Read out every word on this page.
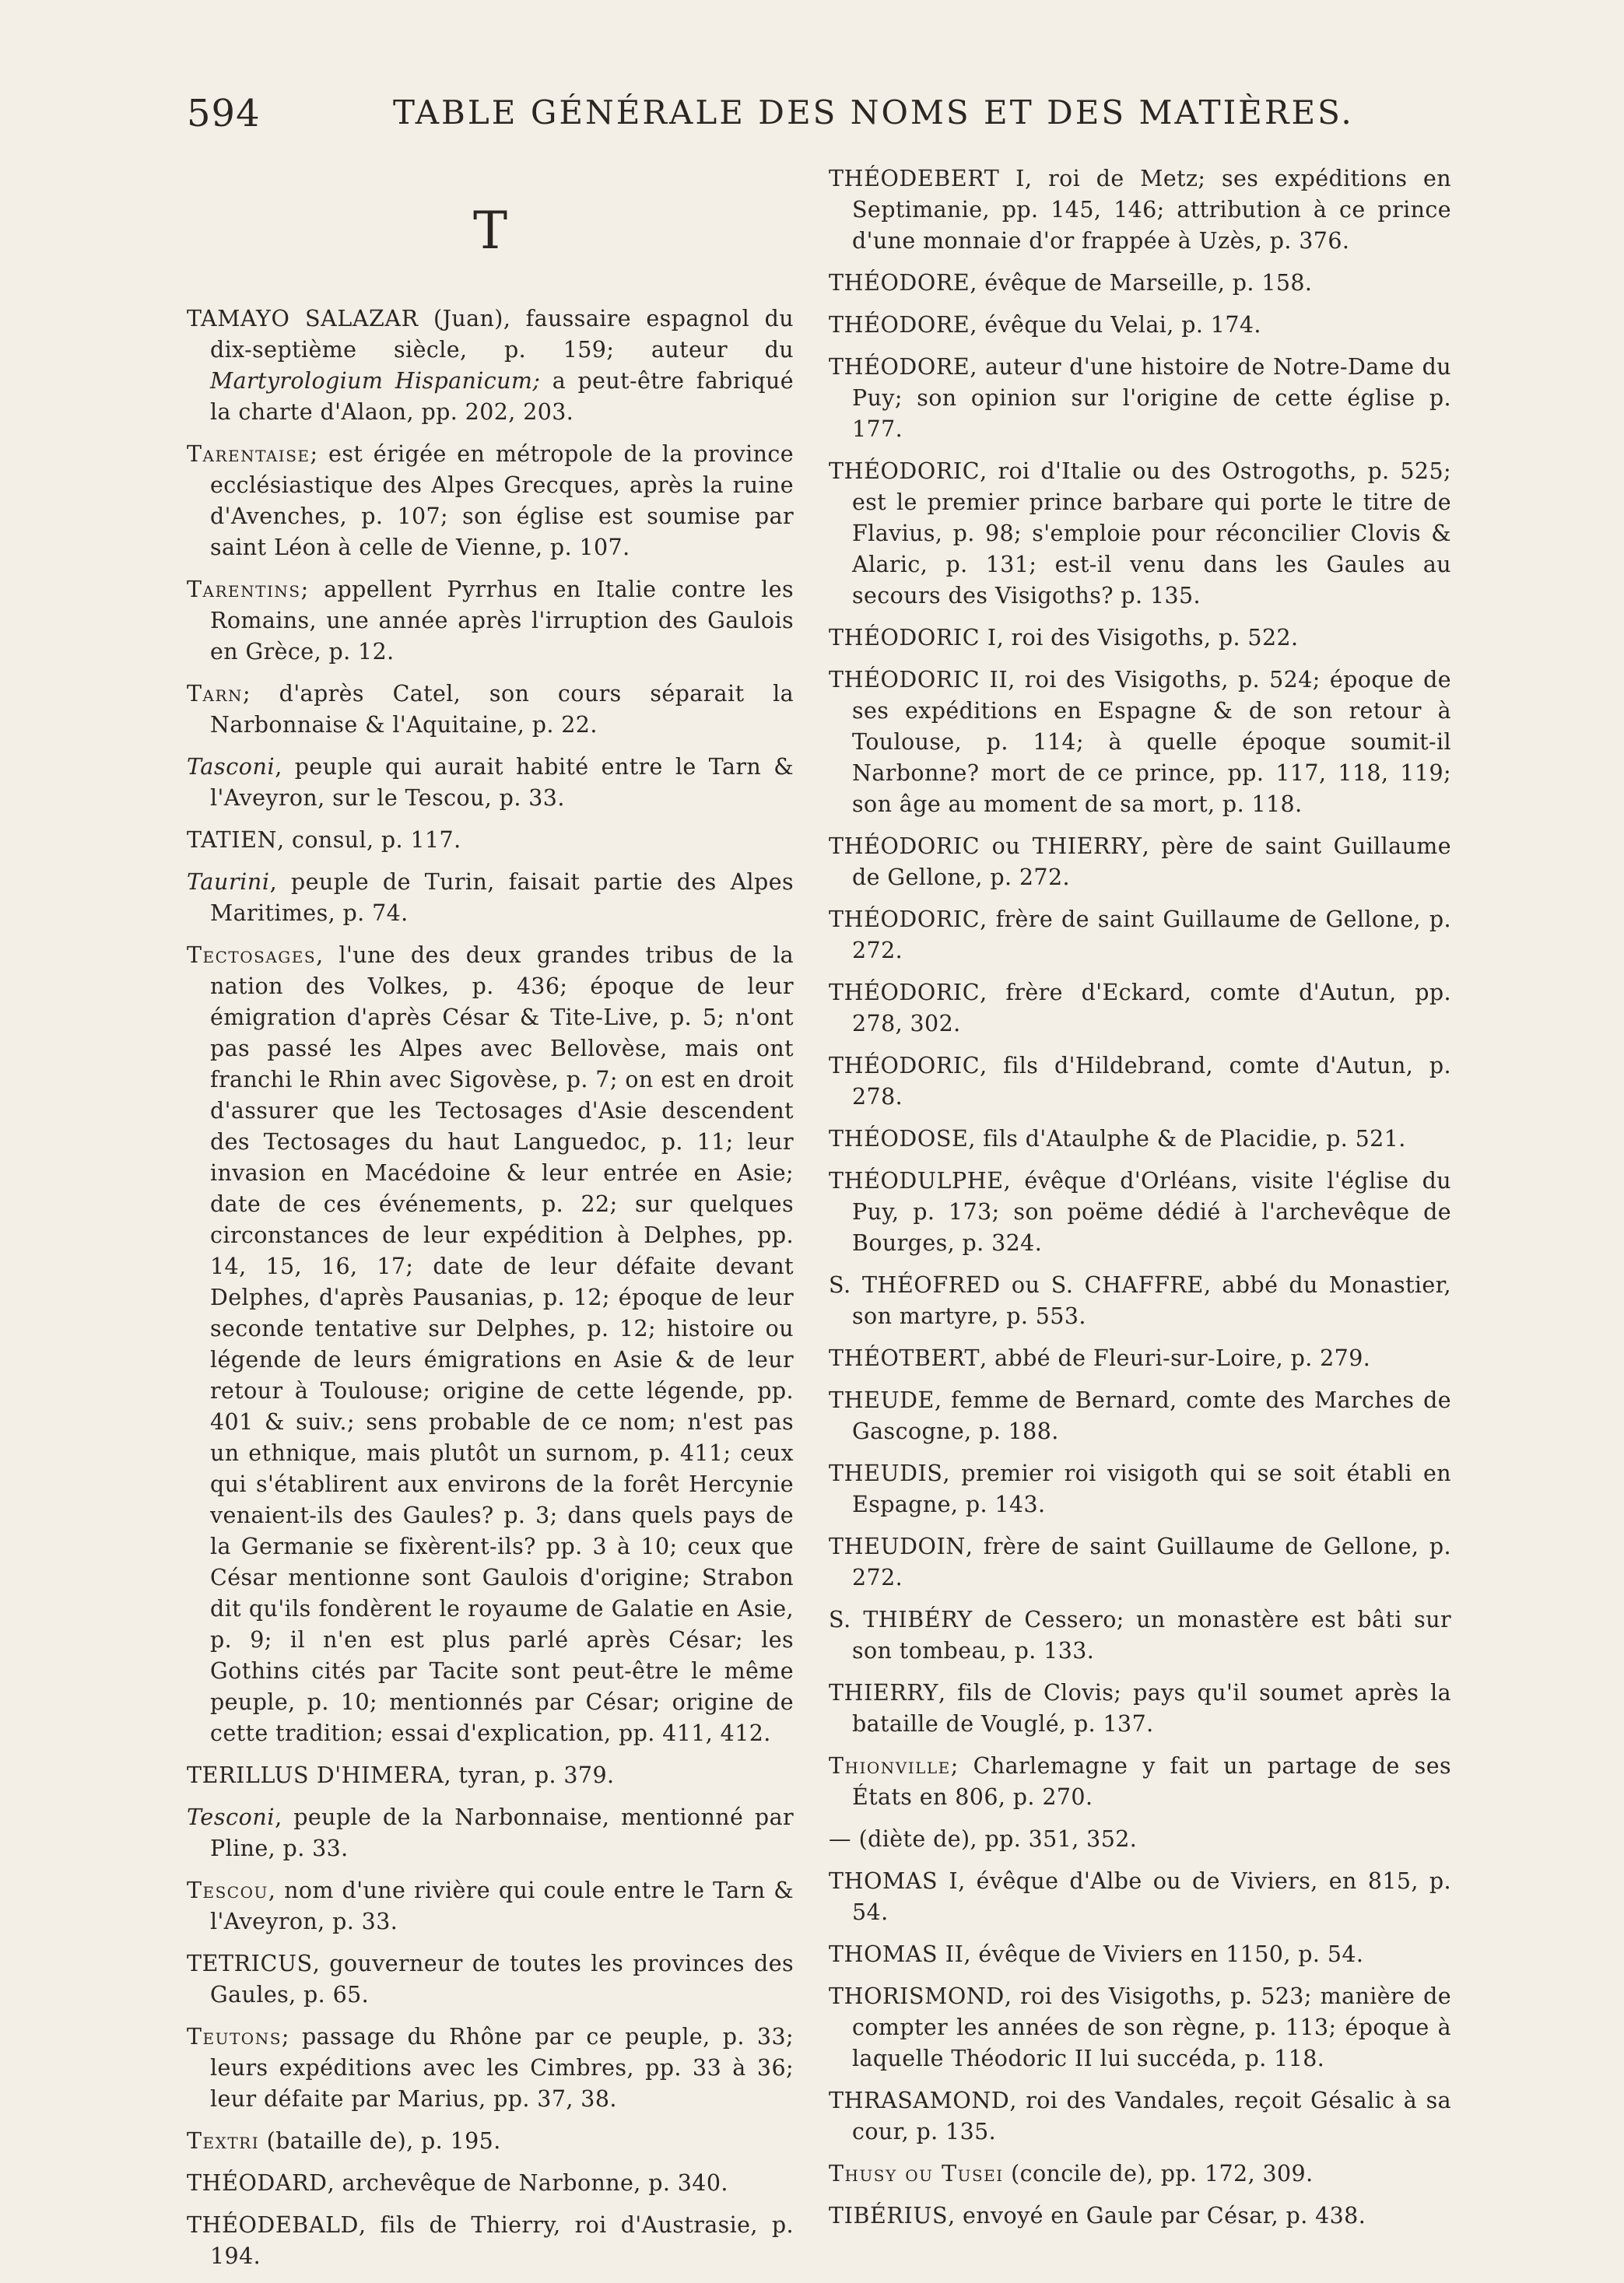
594	TABLE GÉNÉRALE DES NOMS ET DES MATIÈRES.
T

TAMAYO SALAZAR (Juan), faussaire espagnol du dix-septième siècle, p. 159; auteur du Martyrologium Hispanicum; a peut-être fabriqué la charte d'Alaon, pp. 202, 203.

Tarentaise; est érigée en métropole de la province ecclésiastique des Alpes Grecques, après la ruine d'Avenches, p. 107; son église est soumise par saint Léon à celle de Vienne, p. 107.

Tarentins; appellent Pyrrhus en Italie contre les Romains, une année après l'irruption des Gaulois en Grèce, p. 12.

Tarn; d'après Catel, son cours séparait la Narbonnaise & l'Aquitaine, p. 22.

Tasconi, peuple qui aurait habité entre le Tarn & l'Aveyron, sur le Tescou, p. 33.

TATIEN, consul, p. 117.

Taurini, peuple de Turin, faisait partie des Alpes Maritimes, p. 74.

Tectosages, l'une des deux grandes tribus de la nation des Volkes, p. 436; époque de leur émigration d'après César & Tite-Live, p. 5; n'ont pas passé les Alpes avec Bellovèse, mais ont franchi le Rhin avec Sigovèse, p. 7; on est en droit d'assurer que les Tectosages d'Asie descendent des Tectosages du haut Languedoc, p. 11; leur invasion en Macédoine & leur entrée en Asie; date de ces événements, p. 22; sur quelques circonstances de leur expédition à Delphes, pp. 14, 15, 16, 17; date de leur défaite devant Delphes, d'après Pausanias, p. 12; époque de leur seconde tentative sur Delphes, p. 12; histoire ou légende de leurs émigrations en Asie & de leur retour à Toulouse; origine de cette légende, pp. 401 & suiv.; sens probable de ce nom; n'est pas un ethnique, mais plutôt un surnom, p. 411; ceux qui s'établirent aux environs de la forêt Hercynie venaient-ils des Gaules? p. 3; dans quels pays de la Germanie se fixèrent-ils? pp. 3 à 10; ceux que César mentionne sont Gaulois d'origine; Strabon dit qu'ils fondèrent le royaume de Galatie en Asie, p. 9; il n'en est plus parlé après César; les Gothins cités par Tacite sont peut-être le même peuple, p. 10; mentionnés par César; origine de cette tradition; essai d'explication, pp. 411, 412.

TERILLUS D'HIMERA, tyran, p. 379.

Tesconi, peuple de la Narbonnaise, mentionné par Pline, p. 33.

Tescou, nom d'une rivière qui coule entre le Tarn & l'Aveyron, p. 33.

TETRICUS, gouverneur de toutes les provinces des Gaules, p. 65.

Teutons; passage du Rhône par ce peuple, p. 33; leurs expéditions avec les Cimbres, pp. 33 à 36; leur défaite par Marius, pp. 37, 38.

Textri (bataille de), p. 195.

THÉODARD, archevêque de Narbonne, p. 340.

THÉODEBALD, fils de Thierry, roi d'Austrasie, p. 194.

THÉODEBERT I, roi de Metz; ses expéditions en Septimanie, pp. 145, 146; attribution à ce prince d'une monnaie d'or frappée à Uzès, p. 376.

THÉODORE, évêque de Marseille, p. 158.

THÉODORE, évêque du Velai, p. 174.

THÉODORE, auteur d'une histoire de Notre-Dame du Puy; son opinion sur l'origine de cette église p. 177.

THÉODORIC, roi d'Italie ou des Ostrogoths, p. 525; est le premier prince barbare qui porte le titre de Flavius, p. 98; s'emploie pour réconcilier Clovis & Alaric, p. 131; est-il venu dans les Gaules au secours des Visigoths? p. 135.

THÉODORIC I, roi des Visigoths, p. 522.

THÉODORIC II, roi des Visigoths, p. 524; époque de ses expéditions en Espagne & de son retour à Toulouse, p. 114; à quelle époque soumit-il Narbonne? mort de ce prince, pp. 117, 118, 119; son âge au moment de sa mort, p. 118.

THÉODORIC ou THIERRY, père de saint Guillaume de Gellone, p. 272.

THÉODORIC, frère de saint Guillaume de Gellone, p. 272.

THÉODORIC, frère d'Eckard, comte d'Autun, pp. 278, 302.

THÉODORIC, fils d'Hildebrand, comte d'Autun, p. 278.

THÉODOSE, fils d'Ataulphe & de Placidie, p. 521.

THÉODULPHE, évêque d'Orléans, visite l'église du Puy, p. 173; son poëme dédié à l'archevêque de Bourges, p. 324.

S. THÉOFRED ou S. CHAFFRE, abbé du Monastier, son martyre, p. 553.

THÉOTBERT, abbé de Fleuri-sur-Loire, p. 279.

THEUDE, femme de Bernard, comte des Marches de Gascogne, p. 188.

THEUDIS, premier roi visigoth qui se soit établi en Espagne, p. 143.

THEUDOIN, frère de saint Guillaume de Gellone, p. 272.

S. THIBÉRY de Cessero; un monastère est bâti sur son tombeau, p. 133.

THIERRY, fils de Clovis; pays qu'il soumet après la bataille de Vouglé, p. 137.

Thionville; Charlemagne y fait un partage de ses États en 806, p. 270.

— (diète de), pp. 351, 352.

THOMAS I, évêque d'Albe ou de Viviers, en 815, p. 54.

THOMAS II, évêque de Viviers en 1150, p. 54.

THORISMOND, roi des Visigoths, p. 523; manière de compter les années de son règne, p. 113; époque à laquelle Théodoric II lui succéda, p. 118.

THRASAMOND, roi des Vandales, reçoit Gésalic à sa cour, p. 135.

Thusy ou Tusei (concile de), pp. 172, 309.

TIBÉRIUS, envoyé en Gaule par César, p. 438.
